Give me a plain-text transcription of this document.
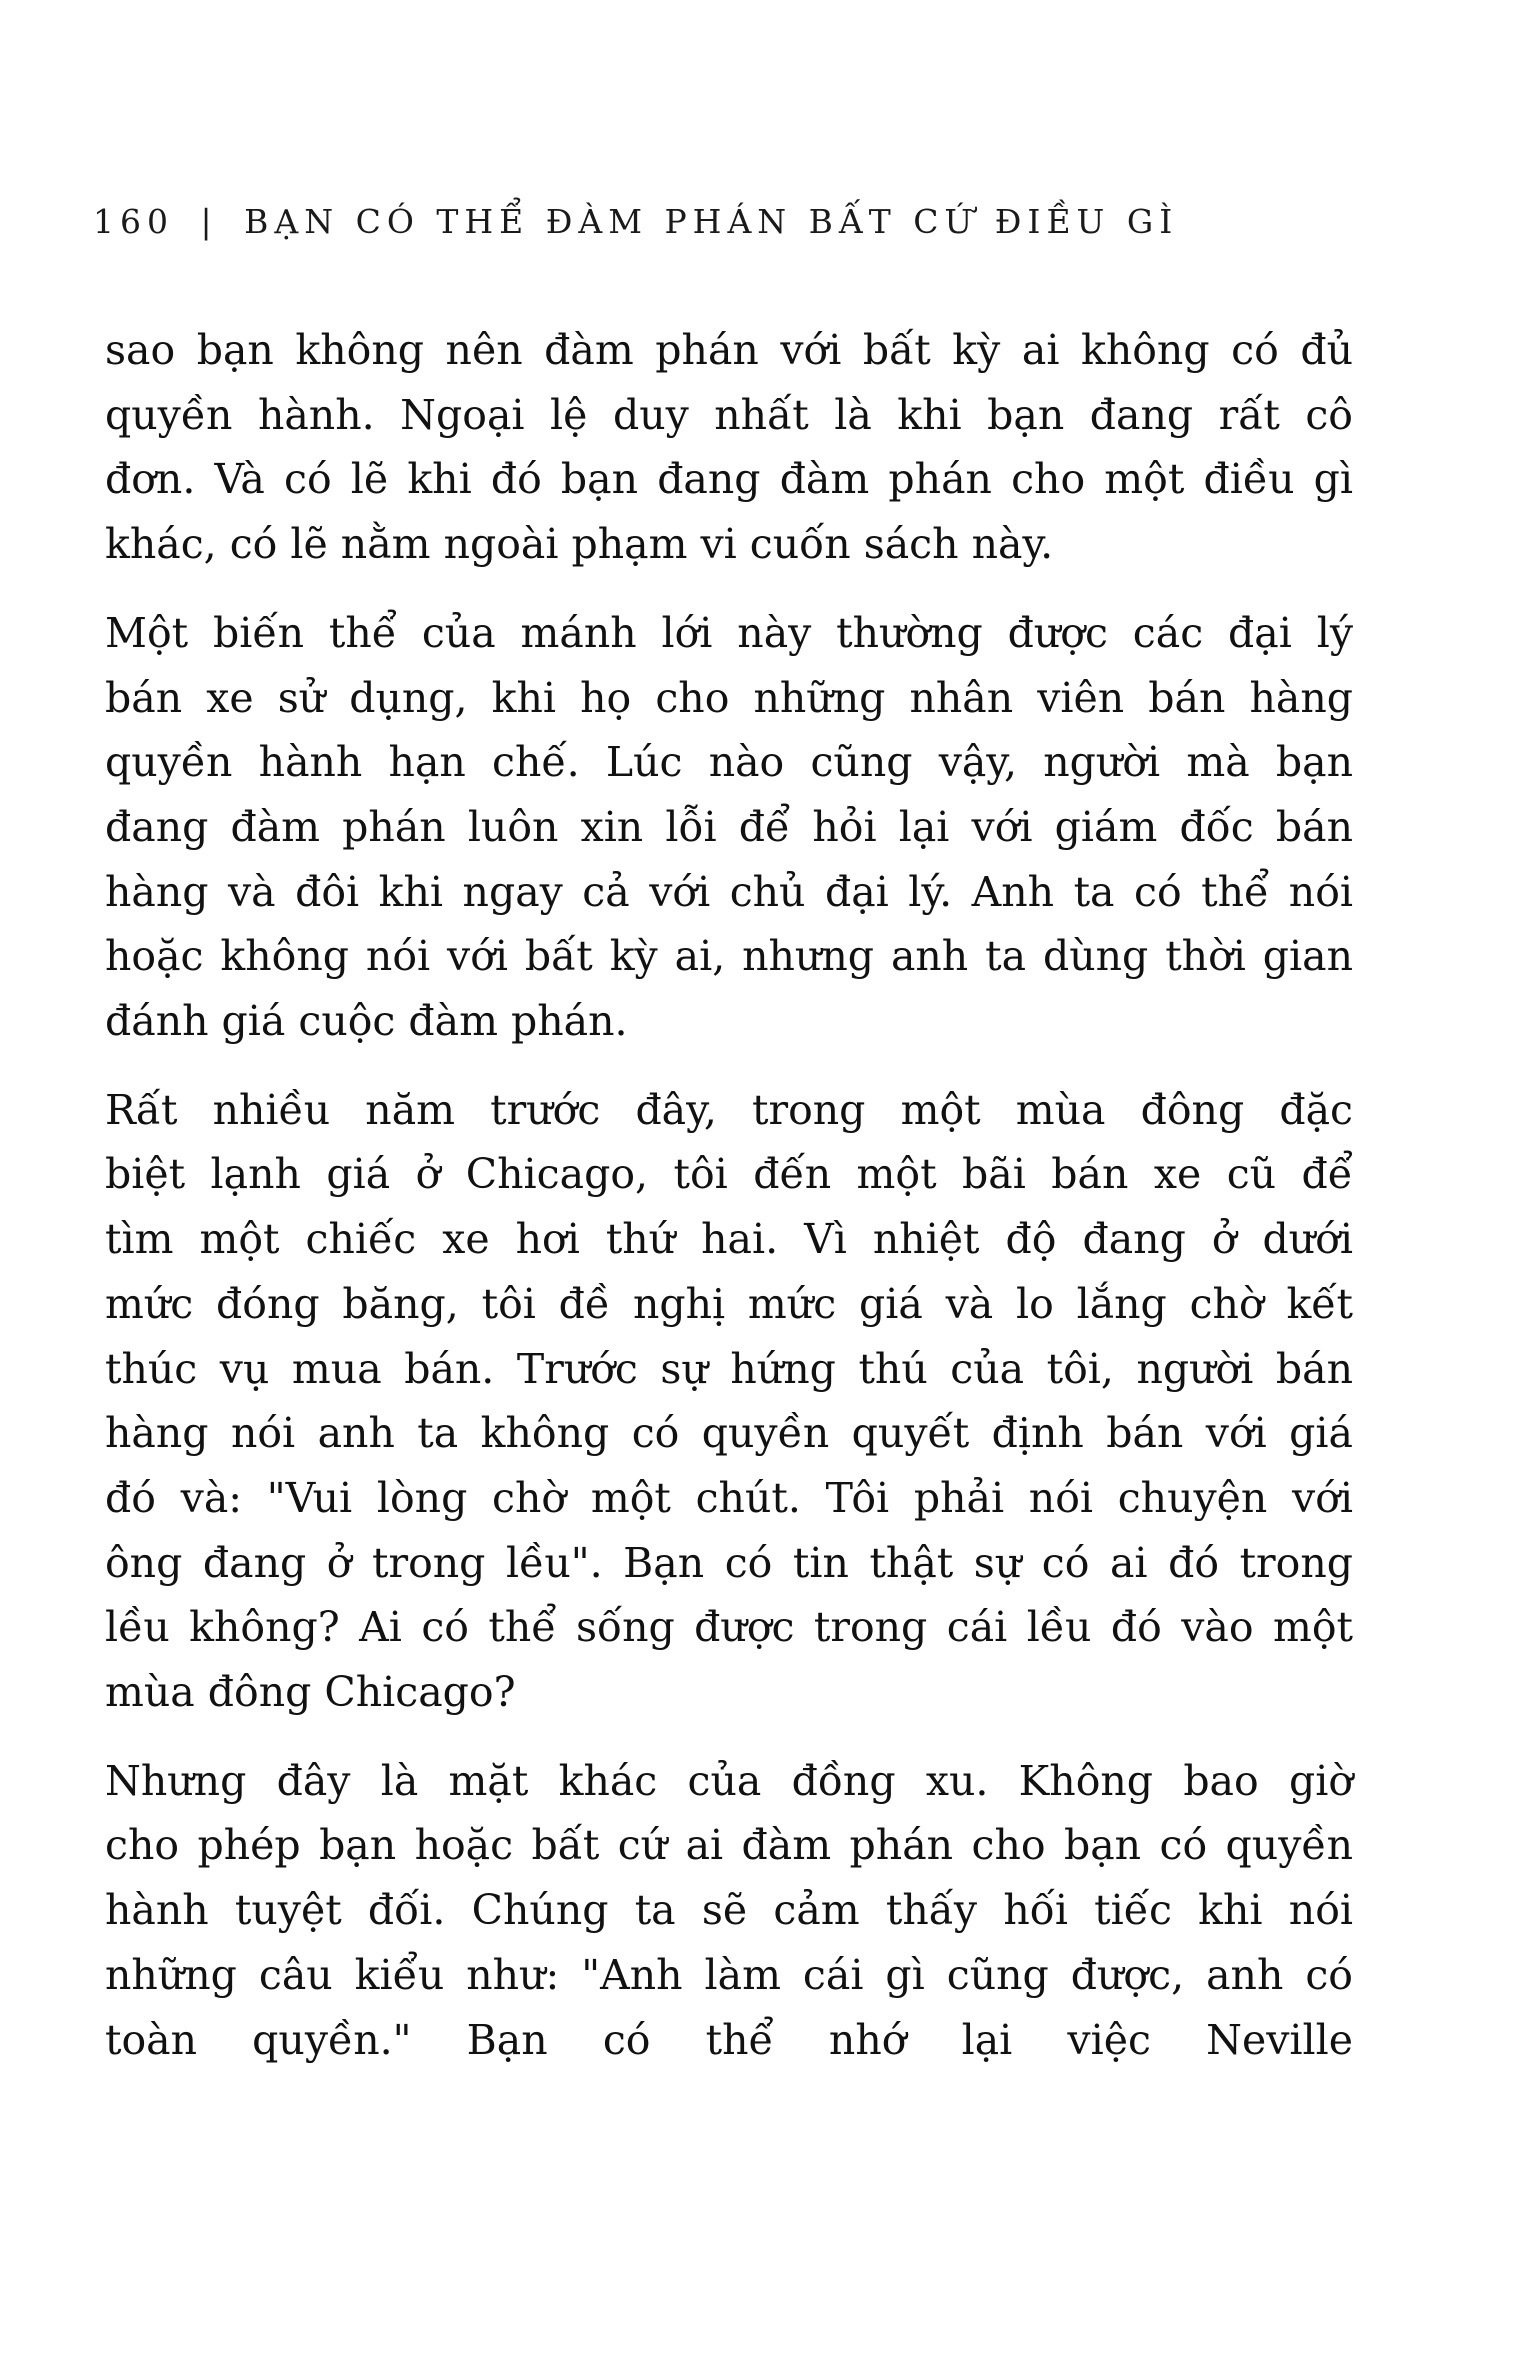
160 | BẠN CÓ THỂ ĐÀM PHÁN BẤT CỨ ĐIỀU GÌ
sao bạn không nên đàm phán với bất kỳ ai không có đủ
quyền hành. Ngoại lệ duy nhất là khi bạn đang rất cô
đơn. Và có lẽ khi đó bạn đang đàm phán cho một điều gì
khác, có lẽ nằm ngoài phạm vi cuốn sách này.
Một biến thể của mánh lới này thường được các đại lý
bán xe sử dụng, khi họ cho những nhân viên bán hàng
quyền hành hạn chế. Lúc nào cũng vậy, người mà bạn
đang đàm phán luôn xin lỗi để hỏi lại với giám đốc bán
hàng và đôi khi ngay cả với chủ đại lý. Anh ta có thể nói
hoặc không nói với bất kỳ ai, nhưng anh ta dùng thời gian
đánh giá cuộc đàm phán.
Rất nhiều năm trước đây, trong một mùa đông đặc
biệt lạnh giá ở Chicago, tôi đến một bãi bán xe cũ để
tìm một chiếc xe hơi thứ hai. Vì nhiệt độ đang ở dưới
mức đóng băng, tôi đề nghị mức giá và lo lắng chờ kết
thúc vụ mua bán. Trước sự hứng thú của tôi, người bán
hàng nói anh ta không có quyền quyết định bán với giá
đó và: "Vui lòng chờ một chút. Tôi phải nói chuyện với
ông đang ở trong lều". Bạn có tin thật sự có ai đó trong
lều không? Ai có thể sống được trong cái lều đó vào một
mùa đông Chicago?
Nhưng đây là mặt khác của đồng xu. Không bao giờ
cho phép bạn hoặc bất cứ ai đàm phán cho bạn có quyền
hành tuyệt đối. Chúng ta sẽ cảm thấy hối tiếc khi nói
những câu kiểu như: "Anh làm cái gì cũng được, anh có
toàn quyền." Bạn có thể nhớ lại việc Neville
